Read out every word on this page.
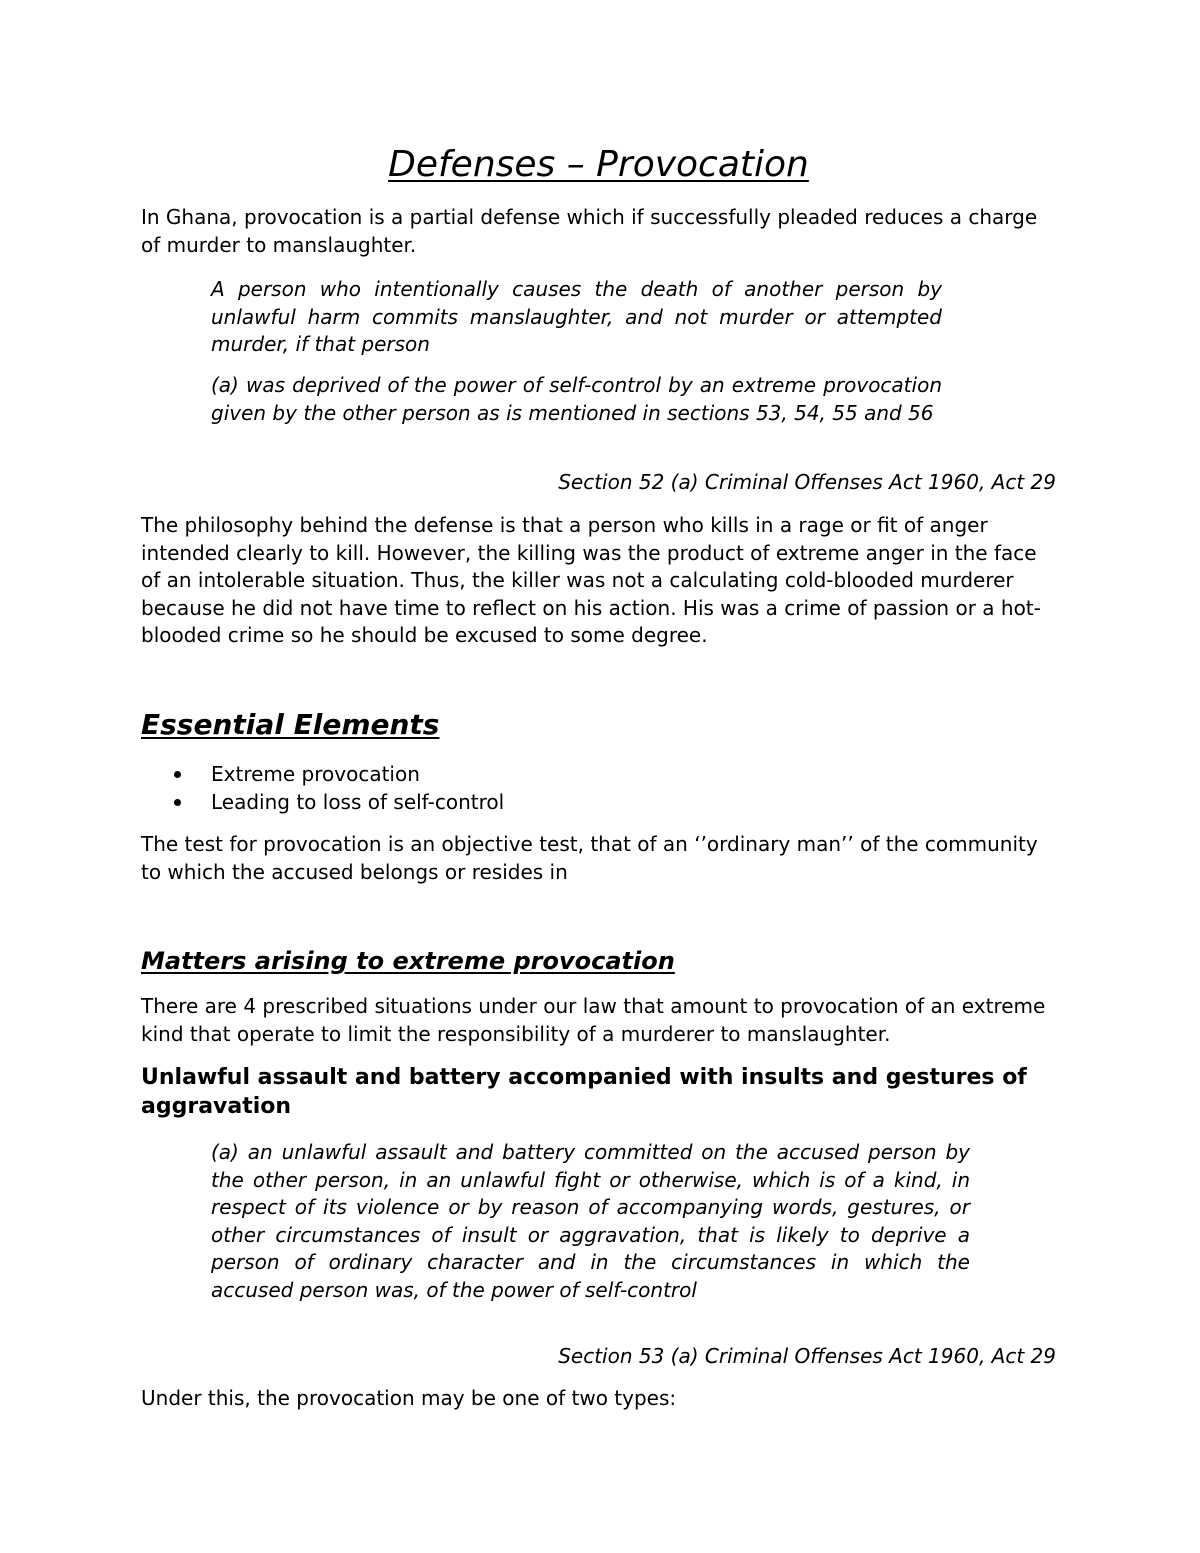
Defenses – Provocation

In Ghana, provocation is a partial defense which if successfully pleaded reduces a charge of murder to manslaughter.

A person who intentionally causes the death of another person by unlawful harm commits manslaughter, and not murder or attempted murder, if that person

(a) was deprived of the power of self-control by an extreme provocation given by the other person as is mentioned in sections 53, 54, 55 and 56

Section 52 (a) Criminal Offenses Act 1960, Act 29

The philosophy behind the defense is that a person who kills in a rage or fit of anger intended clearly to kill. However, the killing was the product of extreme anger in the face of an intolerable situation. Thus, the killer was not a calculating cold-blooded murderer because he did not have time to reflect on his action. His was a crime of passion or a hot-blooded crime so he should be excused to some degree.

Essential Elements
Extreme provocation
Leading to loss of self-control

The test for provocation is an objective test, that of an ‘’ordinary man’’ of the community to which the accused belongs or resides in

Matters arising to extreme provocation

There are 4 prescribed situations under our law that amount to provocation of an extreme kind that operate to limit the responsibility of a murderer to manslaughter.

Unlawful assault and battery accompanied with insults and gestures of aggravation

(a) an unlawful assault and battery committed on the accused person by the other person, in an unlawful fight or otherwise, which is of a kind, in respect of its violence or by reason of accompanying words, gestures, or other circumstances of insult or aggravation, that is likely to deprive a person of ordinary character and in the circumstances in which the accused person was, of the power of self-control

Section 53 (a) Criminal Offenses Act 1960, Act 29

Under this, the provocation may be one of two types:
